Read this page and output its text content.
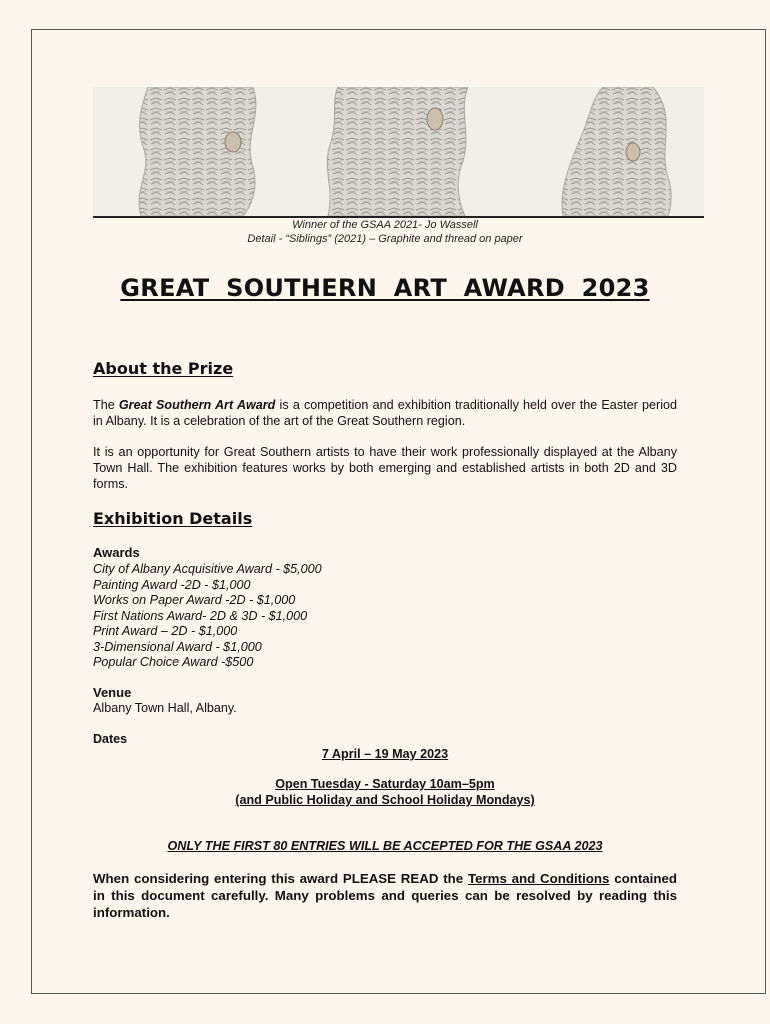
Winner of the GSAA 2021- Jo Wassell
Detail - “Siblings” (2021) – Graphite and thread on paper
GREAT SOUTHERN ART AWARD 2023
About the Prize
The Great Southern Art Award is a competition and exhibition traditionally held over the Easter period in Albany. It is a celebration of the art of the Great Southern region.
It is an opportunity for Great Southern artists to have their work professionally displayed at the Albany Town Hall. The exhibition features works by both emerging and established artists in both 2D and 3D forms.
Exhibition Details
Awards
City of Albany Acquisitive Award - $5,000
Painting Award -2D - $1,000
Works on Paper Award -2D - $1,000
First Nations Award- 2D & 3D - $1,000
Print Award – 2D - $1,000
3-Dimensional Award - $1,000
Popular Choice Award -$500
Venue
Albany Town Hall, Albany.
Dates
7 April – 19 May 2023
Open Tuesday - Saturday 10am–5pm
(and Public Holiday and School Holiday Mondays)
ONLY THE FIRST 80 ENTRIES WILL BE ACCEPTED FOR THE GSAA 2023
When considering entering this award PLEASE READ the Terms and Conditions contained in this document carefully. Many problems and queries can be resolved by reading this information.
